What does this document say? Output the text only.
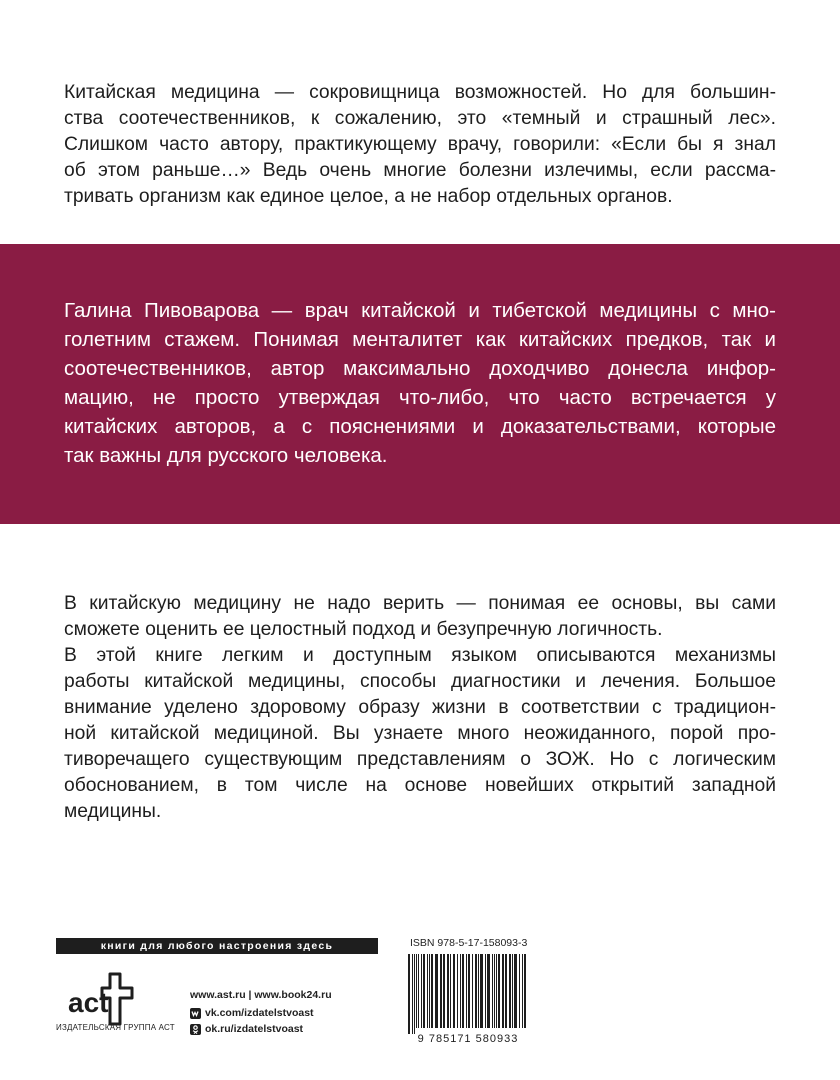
Китайская медицина — сокровищница возможностей. Но для большин-
ства соотечественников, к сожалению, это «темный и страшный лес».
Слишком часто автору, практикующему врачу, говорили: «Если бы я знал
об этом раньше…» Ведь очень многие болезни излечимы, если рассма-
тривать организм как единое целое, а не набор отдельных органов.

Галина Пивоварова — врач китайской и тибетской медицины с мно-
голетним стажем. Понимая менталитет как китайских предков, так и
соотечественников, автор максимально доходчиво донесла инфор-
мацию, не просто утверждая что-либо, что часто встречается у
китайских авторов, а с пояснениями и доказательствами, которые
так важны для русского человека.

В китайскую медицину не надо верить — понимая ее основы, вы сами
сможете оценить ее целостный подход и безупречную логичность.

В этой книге легким и доступным языком описываются механизмы
работы китайской медицины, способы диагностики и лечения. Большое
внимание уделено здоровому образу жизни в соответствии с традицион-
ной китайской медициной. Вы узнаете много неожиданного, порой про-
тиворечащего существующим представлениям о ЗОЖ. Но с логическим
обоснованием, в том числе на основе новейших открытий западной
медицины.

книги для любого настроения здесь
act
ИЗДАТЕЛЬСКАЯ ГРУППА АСТ
www.ast.ru | www.book24.ru
vk.com/izdatelstvoast
ok.ru/izdatelstvoast
ISBN 978-5-17-158093-3
9 785171 580933
